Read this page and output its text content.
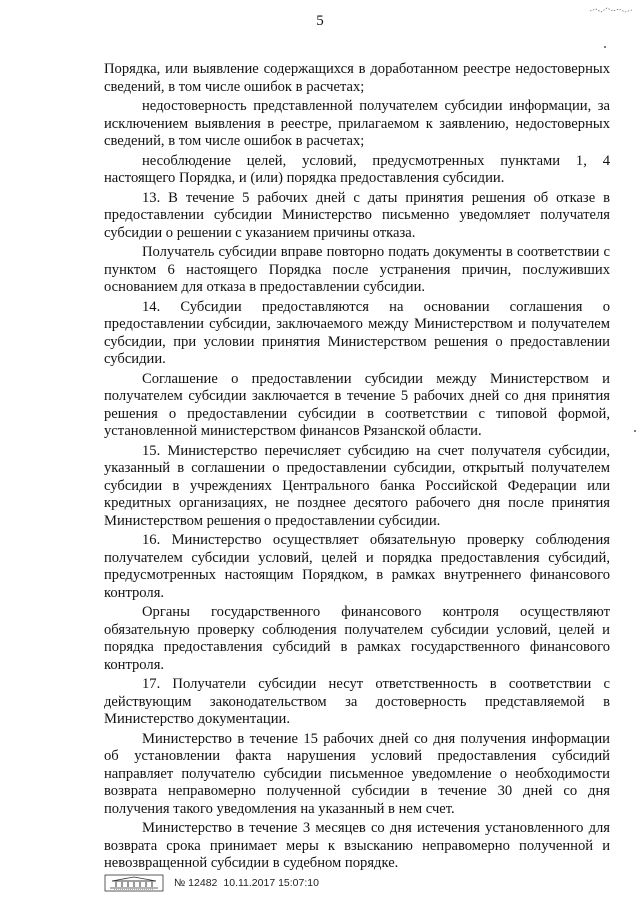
5

Порядка, или выявление содержащихся в доработанном реестре недостоверных сведений, в том числе ошибок в расчетах;

недостоверность представленной получателем субсидии информации, за исключением выявления в реестре, прилагаемом к заявлению, недостоверных сведений, в том числе ошибок в расчетах;

несоблюдение целей, условий, предусмотренных пунктами 1, 4 настоящего Порядка, и (или) порядка предоставления субсидии.

13. В течение 5 рабочих дней с даты принятия решения об отказе в предоставлении субсидии Министерство письменно уведомляет получателя субсидии о решении с указанием причины отказа.

Получатель субсидии вправе повторно подать документы в соответствии с пунктом 6 настоящего Порядка после устранения причин, послуживших основанием для отказа в предоставлении субсидии.

14. Субсидии предоставляются на основании соглашения о предоставлении субсидии, заключаемого между Министерством и получателем субсидии, при условии принятия Министерством решения о предоставлении субсидии.

Соглашение о предоставлении субсидии между Министерством и получателем субсидии заключается в течение 5 рабочих дней со дня принятия решения о предоставлении субсидии в соответствии с типовой формой, установленной министерством финансов Рязанской области.

15. Министерство перечисляет субсидию на счет получателя субсидии, указанный в соглашении о предоставлении субсидии, открытый получателем субсидии в учреждениях Центрального банка Российской Федерации или кредитных организациях, не позднее десятого рабочего дня после принятия Министерством решения о предоставлении субсидии.

16. Министерство осуществляет обязательную проверку соблюдения получателем субсидии условий, целей и порядка предоставления субсидий, предусмотренных настоящим Порядком, в рамках внутреннего финансового контроля.

Органы государственного финансового контроля осуществляют обязательную проверку соблюдения получателем субсидии условий, целей и порядка предоставления субсидий в рамках государственного финансового контроля.

17. Получатели субсидии несут ответственность в соответствии с действующим законодательством за достоверность представляемой в Министерство документации.

Министерство в течение 15 рабочих дней со дня получения информации об установлении факта нарушения условий предоставления субсидий направляет получателю субсидии письменное уведомление о необходимости возврата неправомерно полученной субсидии в течение 30 дней со дня получения такого уведомления на указанный в нем счет.

Министерство в течение 3 месяцев со дня истечения установленного для возврата срока принимает меры к взысканию неправомерно полученной и невозвращенной субсидии в судебном порядке.

№ 12482 10.11.2017 15:07:10
